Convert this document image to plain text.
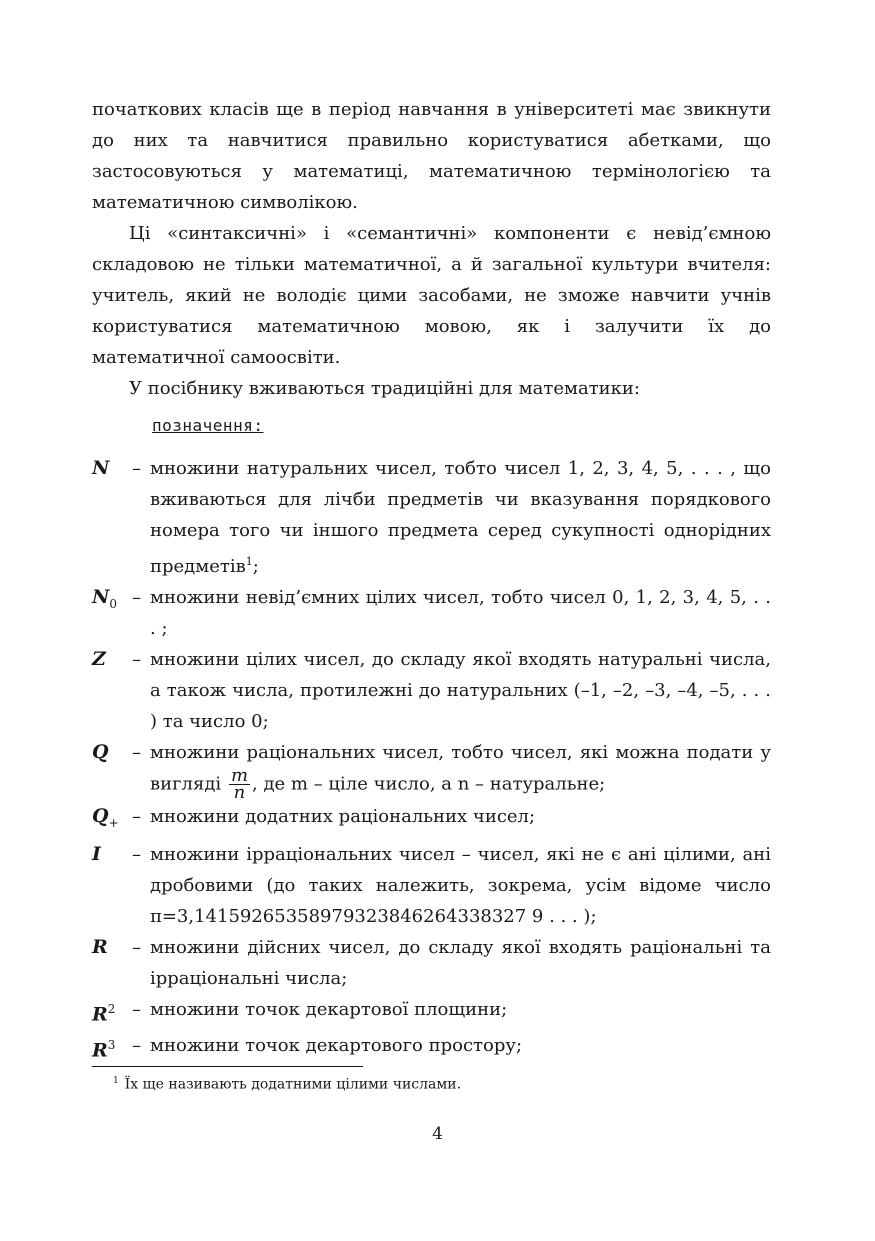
початкових класів ще в період навчання в університеті має звикнути до них та навчитися правильно користуватися абетками, що застосовуються у математиці, математичною термінологією та математичною символікою.

Ці «синтаксичні» і «семантичні» компоненти є невід’ємною складовою не тільки математичної, а й загальної культури вчителя: учитель, який не володіє цими засобами, не зможе навчити учнів користуватися математичною мовою, як і залучити їх до математичної самоосвіти.

У посібнику вживаються традиційні для математики:

позначення:
N	– множини натуральних чисел, тобто чисел 1, 2, 3, 4, 5, . . . , що вживаються для лічби предметів чи вказування порядкового номера того чи іншого предмета серед сукупності однорідних предметів$^1$;
$N_0$ – множини невід’ємних цілих чисел, тобто чисел 0, 1, 2, 3, 4, 5, . . . ;
Z	– множини цілих чисел, до складу якої входять натуральні числа, а також числа, протилежні до натуральних (–1, –2, –3, –4, –5, . . . ) та число 0;
Q	– множини раціональних чисел, тобто чисел, які можна подати у вигляді $\frac{m}{n}$ , де m – ціле число, а n – натуральне;
$Q_+$ – множини додатних раціональних чисел;
I	– множини ірраціональних чисел – чисел, які не є ані цілими, ані дробовими (до таких належить, зокрема, усім відоме число π=3,14159265358979323846264338327 9 . . . );
R	– множини дійсних чисел, до складу якої входять раціональні та ірраціональні числа;
$R^2$ – множини точок декартової площини;
$R^3$ – множини точок декартового простору;
$^1$ Їх ще називають додатними цілими числами.
4
